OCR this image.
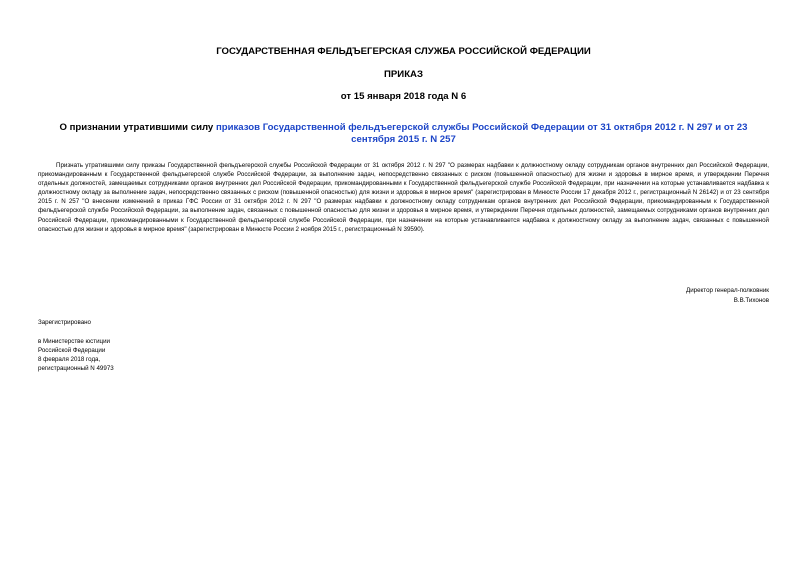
ГОСУДАРСТВЕННАЯ ФЕЛЬДЪЕГЕРСКАЯ СЛУЖБА РОССИЙСКОЙ ФЕДЕРАЦИИ
ПРИКАЗ
от 15 января 2018 года N 6
О признании утратившими силу приказов Государственной фельдъегерской службы Российской Федерации от 31 октября 2012 г. N 297 и от 23 сентября 2015 г. N 257
Признать утратившими силу приказы Государственной фельдъегерской службы Российской Федерации от 31 октября 2012 г. N 297 "О размерах надбавки к должностному окладу сотрудникам органов внутренних дел Российской Федерации, прикомандированным к Государственной фельдъегерской службе Российской Федерации, за выполнение задач, непосредственно связанных с риском (повышенной опасностью) для жизни и здоровья в мирное время, и утверждении Перечня отдельных должностей, замещаемых сотрудниками органов внутренних дел Российской Федерации, прикомандированными к Государственной фельдъегерской службе Российской Федерации, при назначении на которые устанавливается надбавка к должностному окладу за выполнение задач, непосредственно связанных с риском (повышенной опасностью) для жизни и здоровья в мирное время" (зарегистрирован в Минюсте России 17 декабря 2012 г., регистрационный N 26142) и от 23 сентября 2015 г. N 257 "О внесении изменений в приказ ГФС России от 31 октября 2012 г. N 297 "О размерах надбавки к должностному окладу сотрудникам органов внутренних дел Российской Федерации, прикомандированным к Государственной фельдъегерской службе Российской Федерации, за выполнение задач, связанных с повышенной опасностью для жизни и здоровья в мирное время, и утверждении Перечня отдельных должностей, замещаемых сотрудниками органов внутренних дел Российской Федерации, прикомандированными к Государственной фельдъегерской службе Российской Федерации, при назначении на которые устанавливается надбавка к должностному окладу за выполнение задач, связанных с повышенной опасностью для жизни и здоровья в мирное время" (зарегистрирован в Минюсте России 2 ноября 2015 г., регистрационный N 39590).
Директор генерал-полковник
В.В.Тихонов
Зарегистрировано
в Министерстве юстиции
Российской Федерации
8 февраля 2018 года,
регистрационный N 49973
